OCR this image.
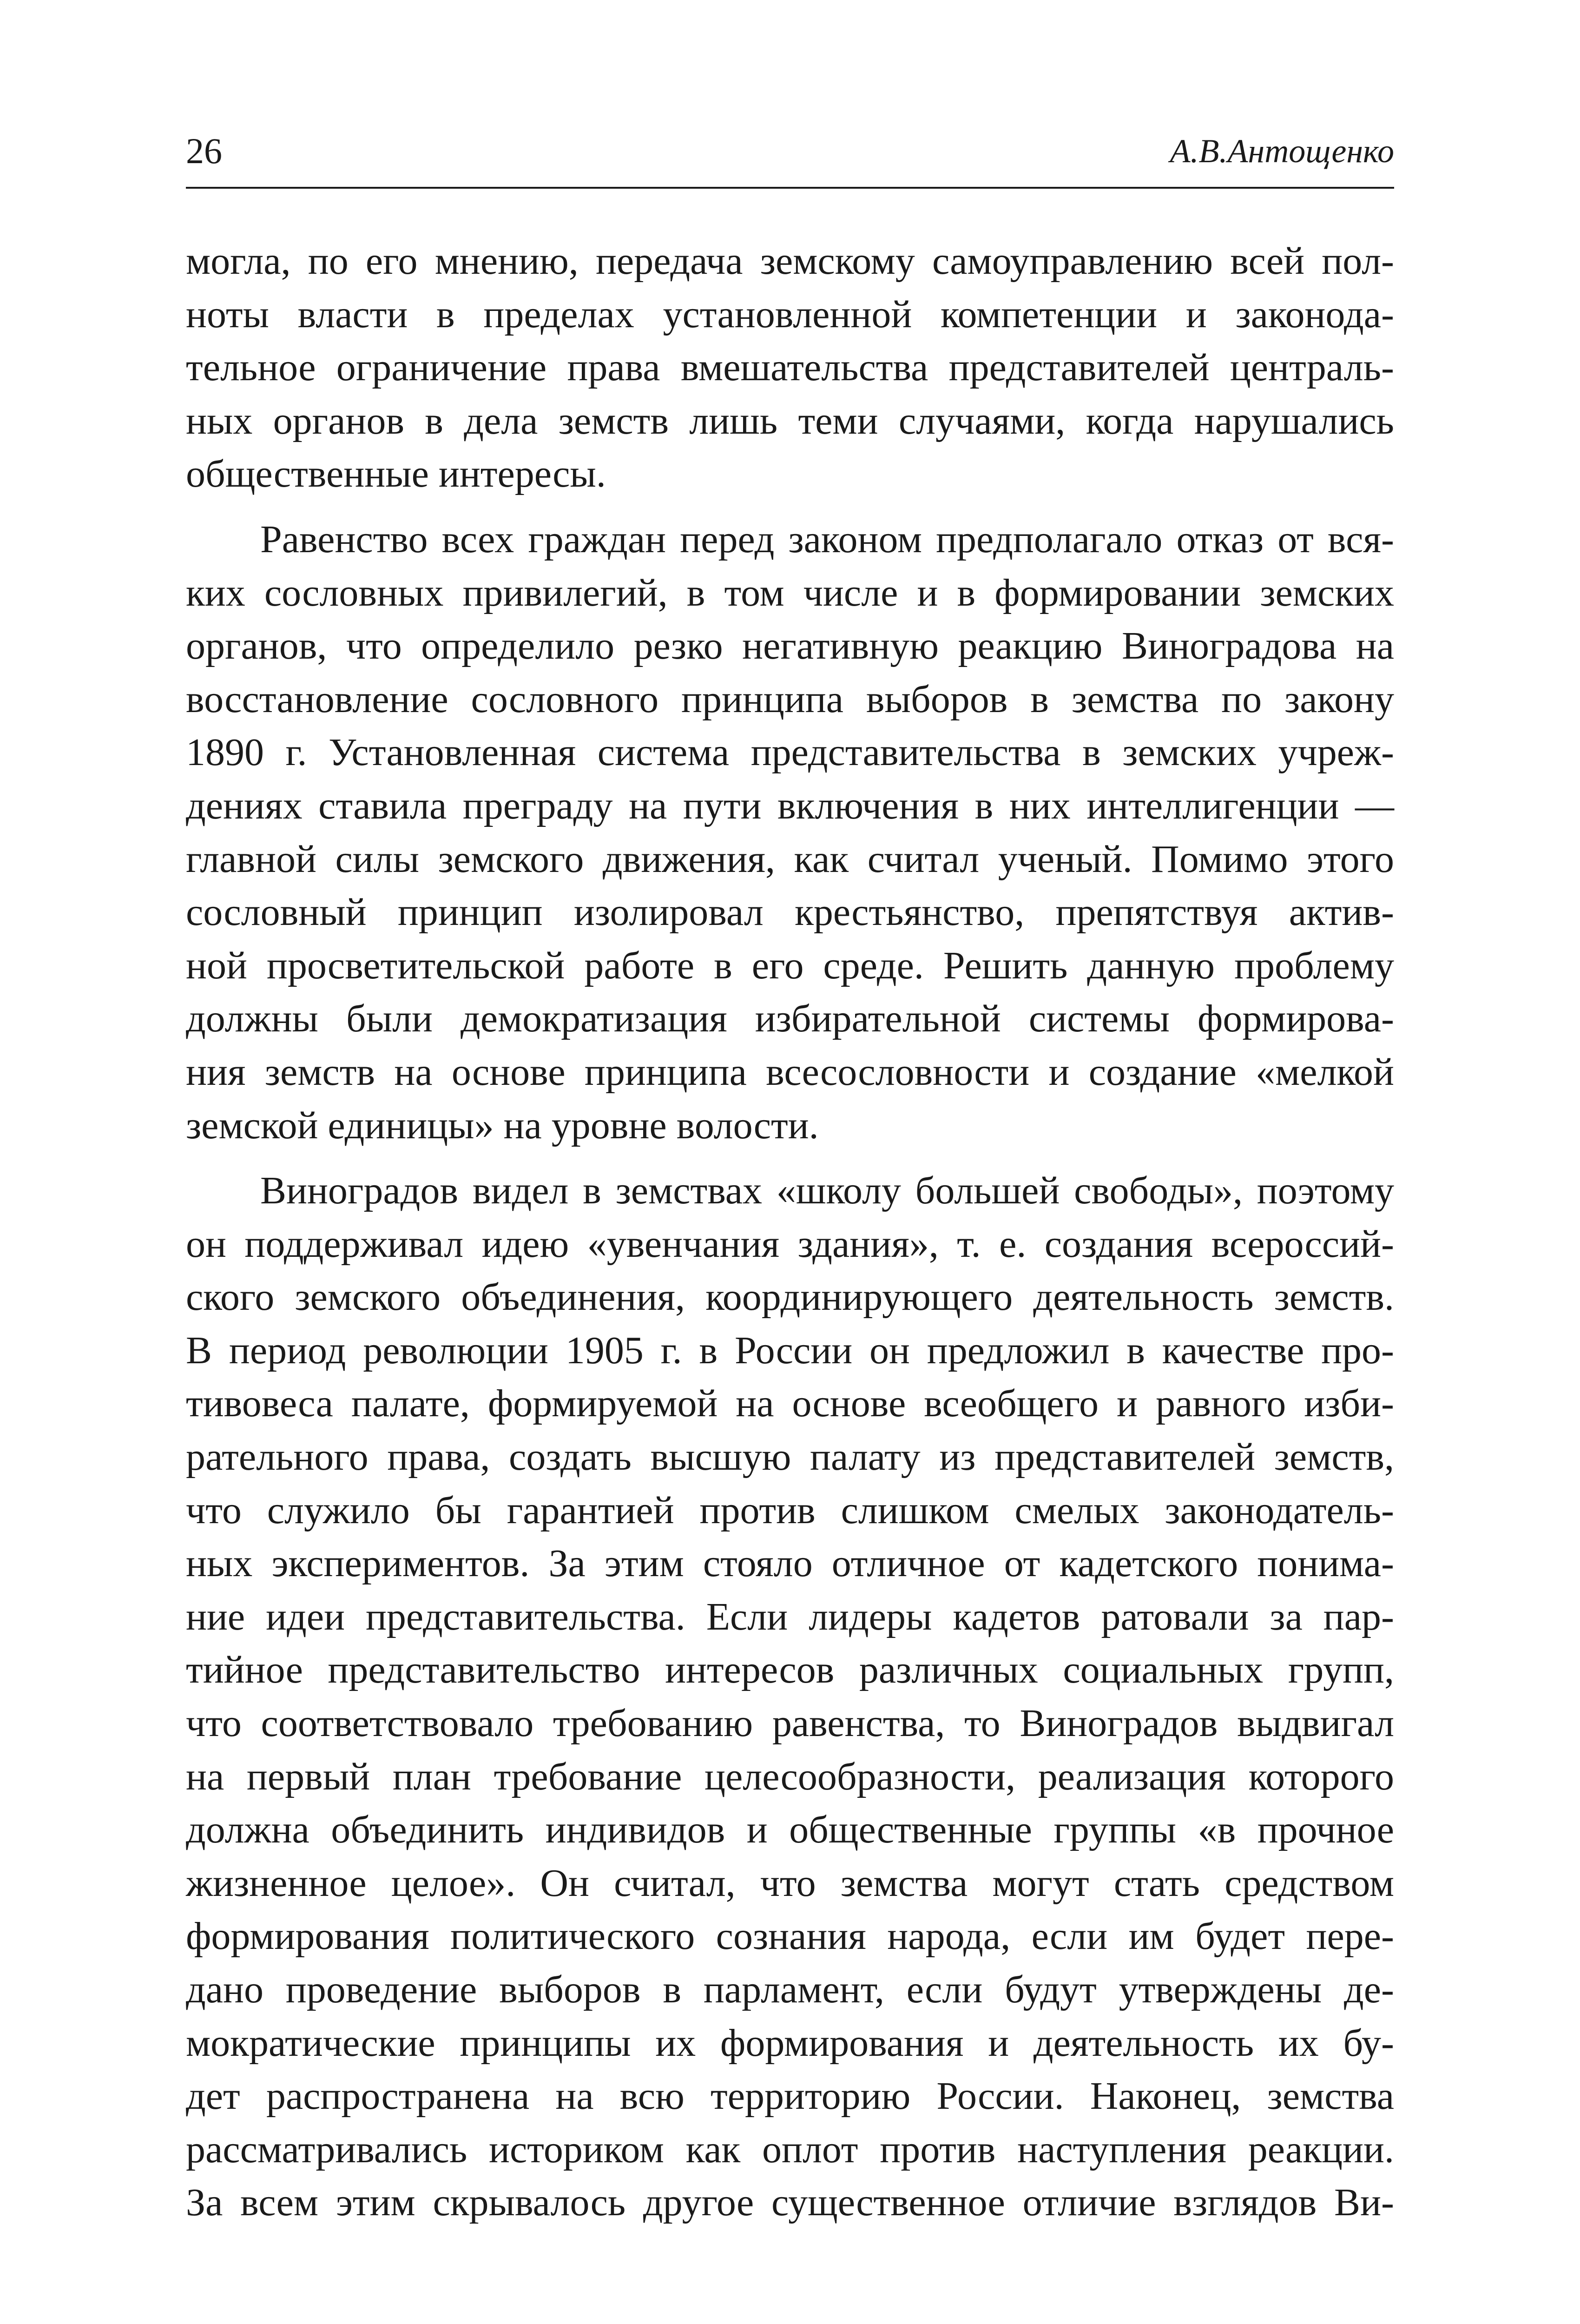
26	А.В.Антощенко
могла, по его мнению, передача земскому самоуправлению всей пол-
ноты власти в пределах установленной компетенции и законода-
тельное ограничение права вмешательства представителей централь-
ных органов в дела земств лишь теми случаями, когда нарушались
общественные интересы.
Равенство всех граждан перед законом предполагало отказ от вся-
ких сословных привилегий, в том числе и в формировании земских
органов, что определило резко негативную реакцию Виноградова на
восстановление сословного принципа выборов в земства по закону
1890 г. Установленная система представительства в земских учреж-
дениях ставила преграду на пути включения в них интеллигенции —
главной силы земского движения, как считал ученый. Помимо этого
сословный принцип изолировал крестьянство, препятствуя актив-
ной просветительской работе в его среде. Решить данную проблему
должны были демократизация избирательной системы формирова-
ния земств на основе принципа всесословности и создание «мелкой
земской единицы» на уровне волости.
Виноградов видел в земствах «школу большей свободы», поэтому
он поддерживал идею «увенчания здания», т. е. создания всероссий-
ского земского объединения, координирующего деятельность земств.
В период революции 1905 г. в России он предложил в качестве про-
тивовеса палате, формируемой на основе всеобщего и равного изби-
рательного права, создать высшую палату из представителей земств,
что служило бы гарантией против слишком смелых законодатель-
ных экспериментов. За этим стояло отличное от кадетского понима-
ние идеи представительства. Если лидеры кадетов ратовали за пар-
тийное представительство интересов различных социальных групп,
что соответствовало требованию равенства, то Виноградов выдвигал
на первый план требование целесообразности, реализация которого
должна объединить индивидов и общественные группы «в прочное
жизненное целое». Он считал, что земства могут стать средством
формирования политического сознания народа, если им будет пере-
дано проведение выборов в парламент, если будут утверждены де-
мократические принципы их формирования и деятельность их бу-
дет распространена на всю территорию России. Наконец, земства
рассматривались историком как оплот против наступления реакции.
За всем этим скрывалось другое существенное отличие взглядов Ви-
